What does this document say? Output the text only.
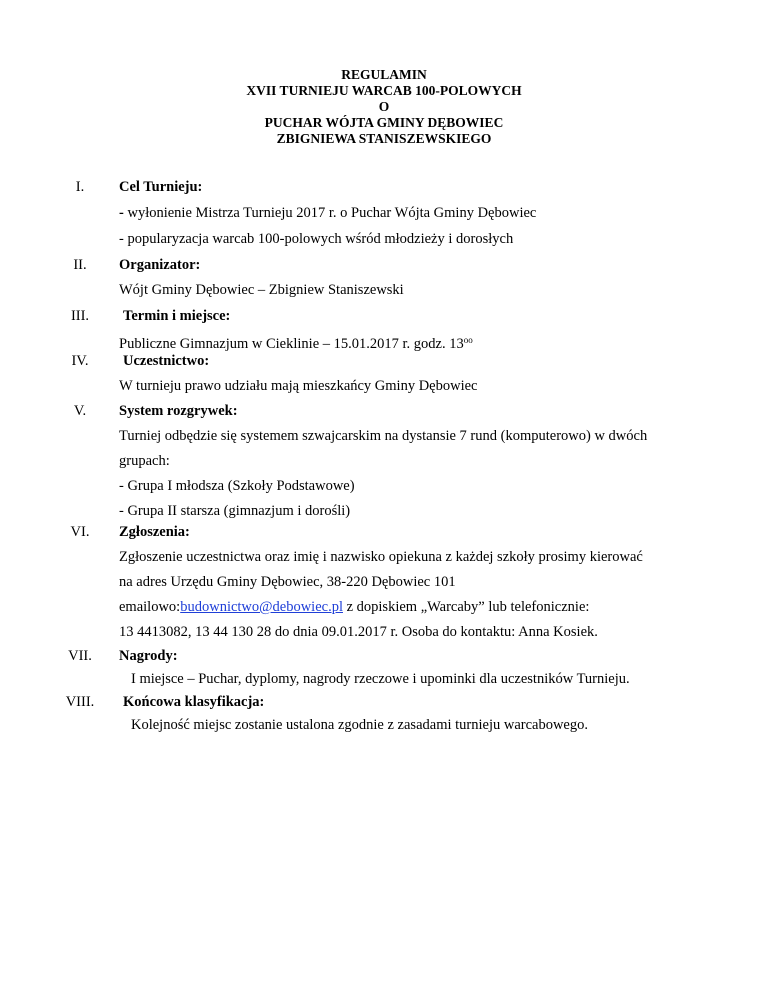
REGULAMIN
XVII TURNIEJU WARCAB 100-POLOWYCH
O
PUCHAR WÓJTA GMINY DĘBOWIEC
ZBIGNIEWA STANISZEWSKIEGO
I.	Cel Turnieju:
- wyłonienie Mistrza Turnieju 2017 r. o Puchar Wójta Gminy Dębowiec
- popularyzacja warcab 100-polowych wśród młodzieży i dorosłych
II.	Organizator:
Wójt Gminy Dębowiec – Zbigniew Staniszewski
III.	Termin i miejsce:
Publiczne Gimnazjum w Cieklinie – 15.01.2017 r. godz. $13^{oo}$
IV.	Uczestnictwo:
W turnieju prawo udziału mają mieszkańcy Gminy Dębowiec
V.	System rozgrywek:
Turniej odbędzie się systemem szwajcarskim na dystansie 7 rund (komputerowo) w dwóch
grupach:
- Grupa I młodsza (Szkoły Podstawowe)
- Grupa II starsza (gimnazjum i dorośli)
VI.	Zgłoszenia:
Zgłoszenie uczestnictwa oraz imię i nazwisko opiekuna z każdej szkoły prosimy kierować
na adres Urzędu Gminy Dębowiec, 38-220 Dębowiec 101
emailowo:budownictwo@debowiec.pl z dopiskiem „Warcaby” lub telefonicznie:
13 4413082, 13 44 130 28 do dnia 09.01.2017 r. Osoba do kontaktu: Anna Kosiek.
VII.	Nagrody:
I miejsce – Puchar, dyplomy, nagrody rzeczowe i upominki dla uczestników Turnieju.
VIII.	Końcowa klasyfikacja:
Kolejność miejsc zostanie ustalona zgodnie z zasadami turnieju warcabowego.
